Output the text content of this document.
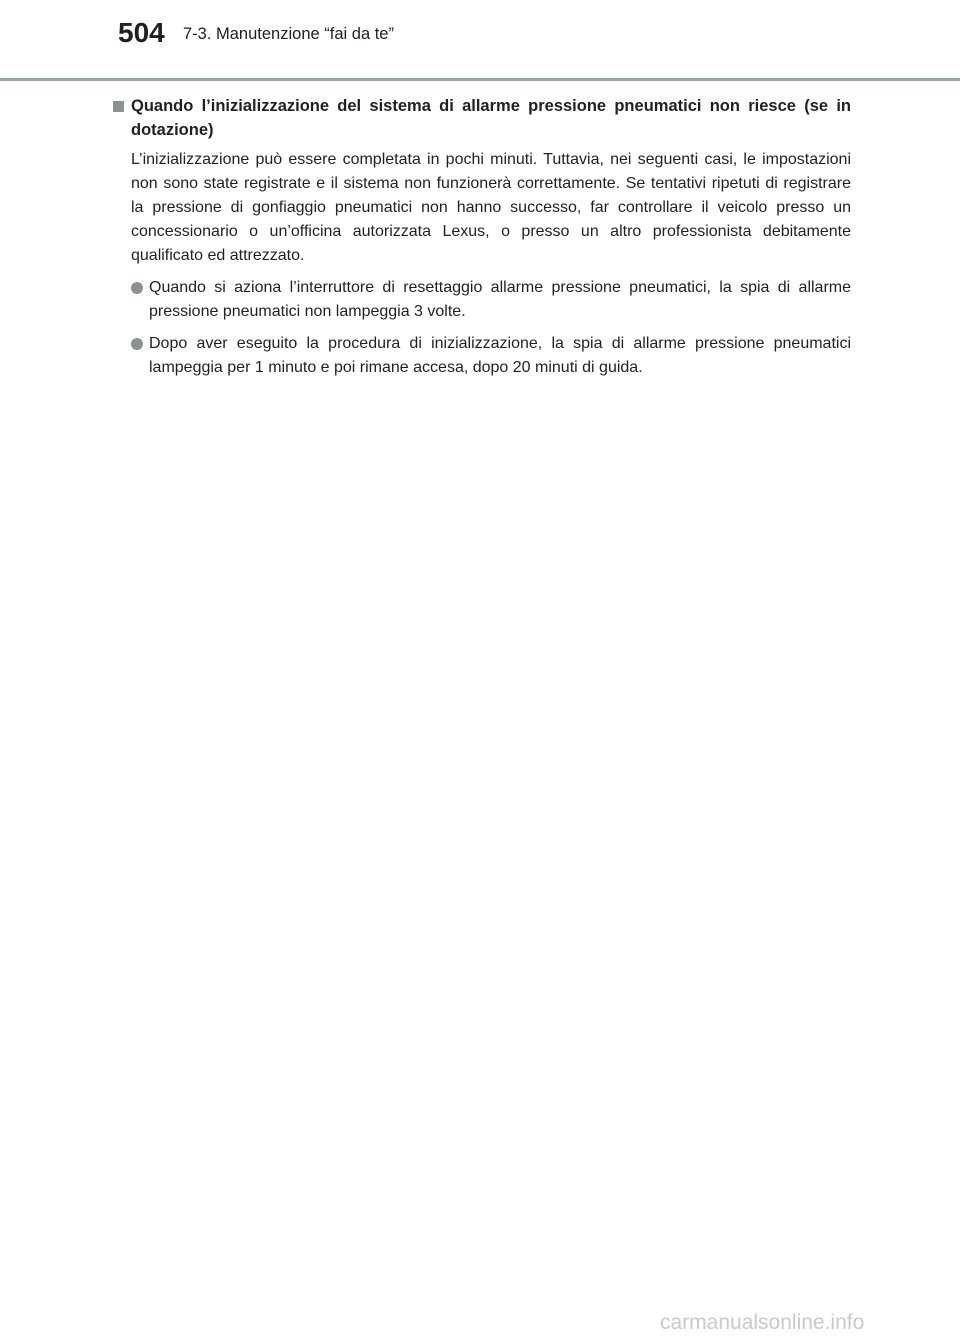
504 7-3. Manutenzione “fai da te”
Quando l’inizializzazione del sistema di allarme pressione pneumatici non riesce (se in dotazione)

L’inizializzazione può essere completata in pochi minuti. Tuttavia, nei seguenti casi, le impostazioni non sono state registrate e il sistema non funzionerà correttamente. Se tentativi ripetuti di registrare la pressione di gonfiaggio pneumatici non hanno successo, far controllare il veicolo presso un concessionario o un’officina autorizzata Lexus, o presso un altro professionista debitamente qualificato ed attrezzato.

Quando si aziona l’interruttore di resettaggio allarme pressione pneumatici, la spia di allarme pressione pneumatici non lampeggia 3 volte.
Dopo aver eseguito la procedura di inizializzazione, la spia di allarme pressione pneumatici lampeggia per 1 minuto e poi rimane accesa, dopo 20 minuti di guida.
carmanualsonline.info
